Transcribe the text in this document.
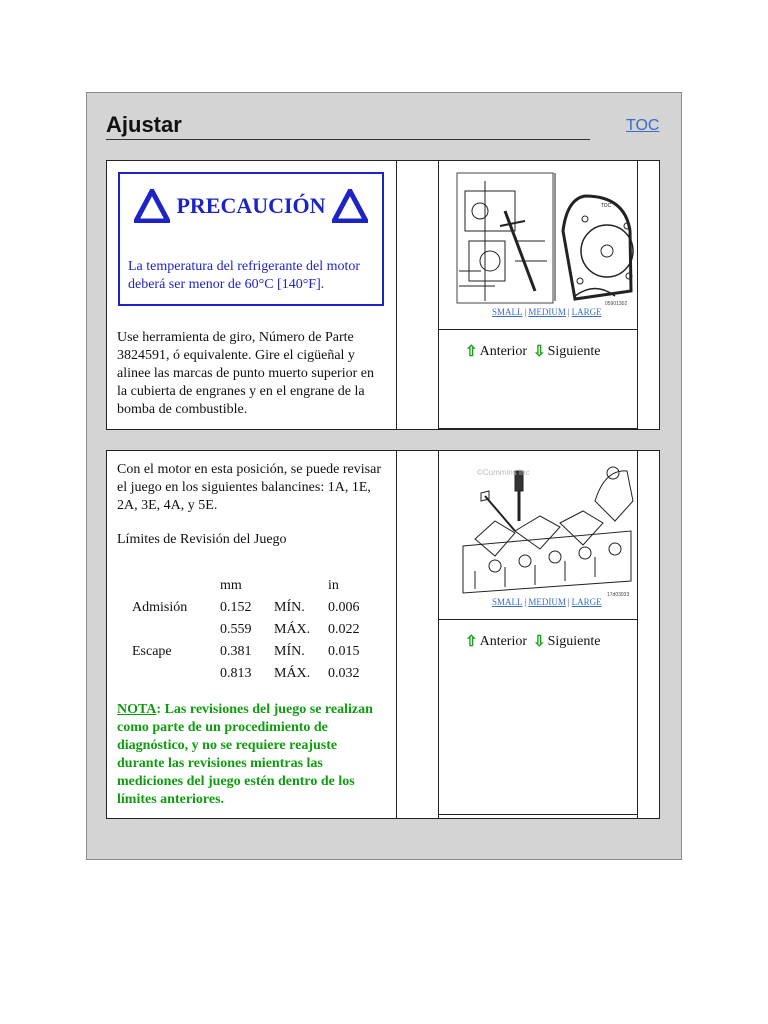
Ajustar	TOC
PRECAUCIÓN
La temperatura del refrigerante del motor deberá ser menor de 60°C [140°F].
Use herramienta de giro, Número de Parte 3824591, ó equivalente. Gire el cigüeñal y alinee las marcas de punto muerto superior en la cubierta de engranes y en el engrane de la bomba de combustible.
TDC
05901302
SMALL | MEDIUM | LARGE
⇧ Anterior ⇩ Siguiente
Con el motor en esta posición, se puede revisar el juego en los siguientes balancines: 1A, 1E, 2A, 3E, 4A, y 5E.
Límites de Revisión del Juego
	mm		in
Admisión	0.152	MÍN.	0.006
	0.559	MÁX.	0.022
Escape	0.381	MÍN.	0.015
	0.813	MÁX.	0.032
NOTA: Las revisiones del juego se realizan como parte de un procedimiento de diagnóstico, y no se requiere reajuste durante las revisiones mientras las mediciones del juego estén dentro de los límites anteriores.
©Cummins Inc
17d03933
SMALL | MEDIUM | LARGE
⇧ Anterior ⇩ Siguiente
